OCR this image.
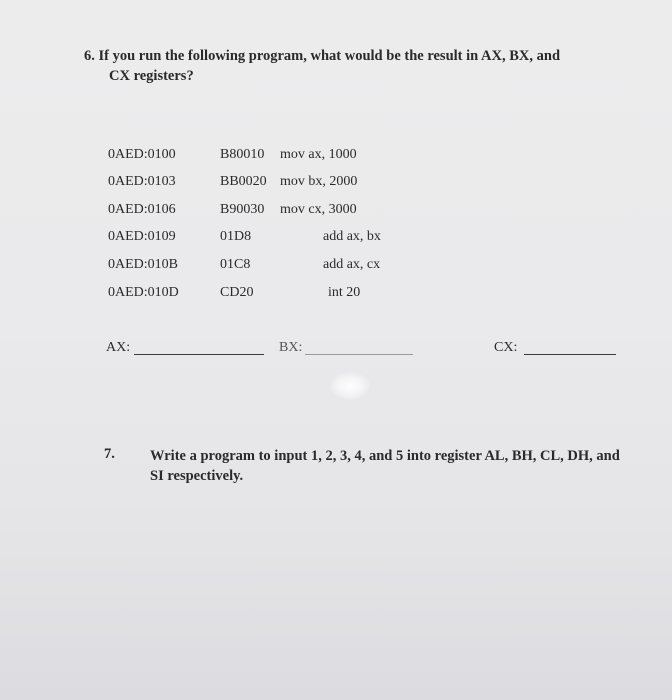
6. If you run the following program, what would be the result in AX, BX, and
CX registers?
0AED:0100	B80010 mov ax, 1000
0AED:0103	BB0020 mov bx, 2000
0AED:0106	B90030 mov cx, 3000
0AED:0109	01D8	add ax, bx
0AED:010B	01C8	add ax, cx
0AED:010D	CD20	int 20
AX:	BX:	CX:
7. Write a program to input 1, 2, 3, 4, and 5 into register AL, BH, CL, DH, and SI respectively.
